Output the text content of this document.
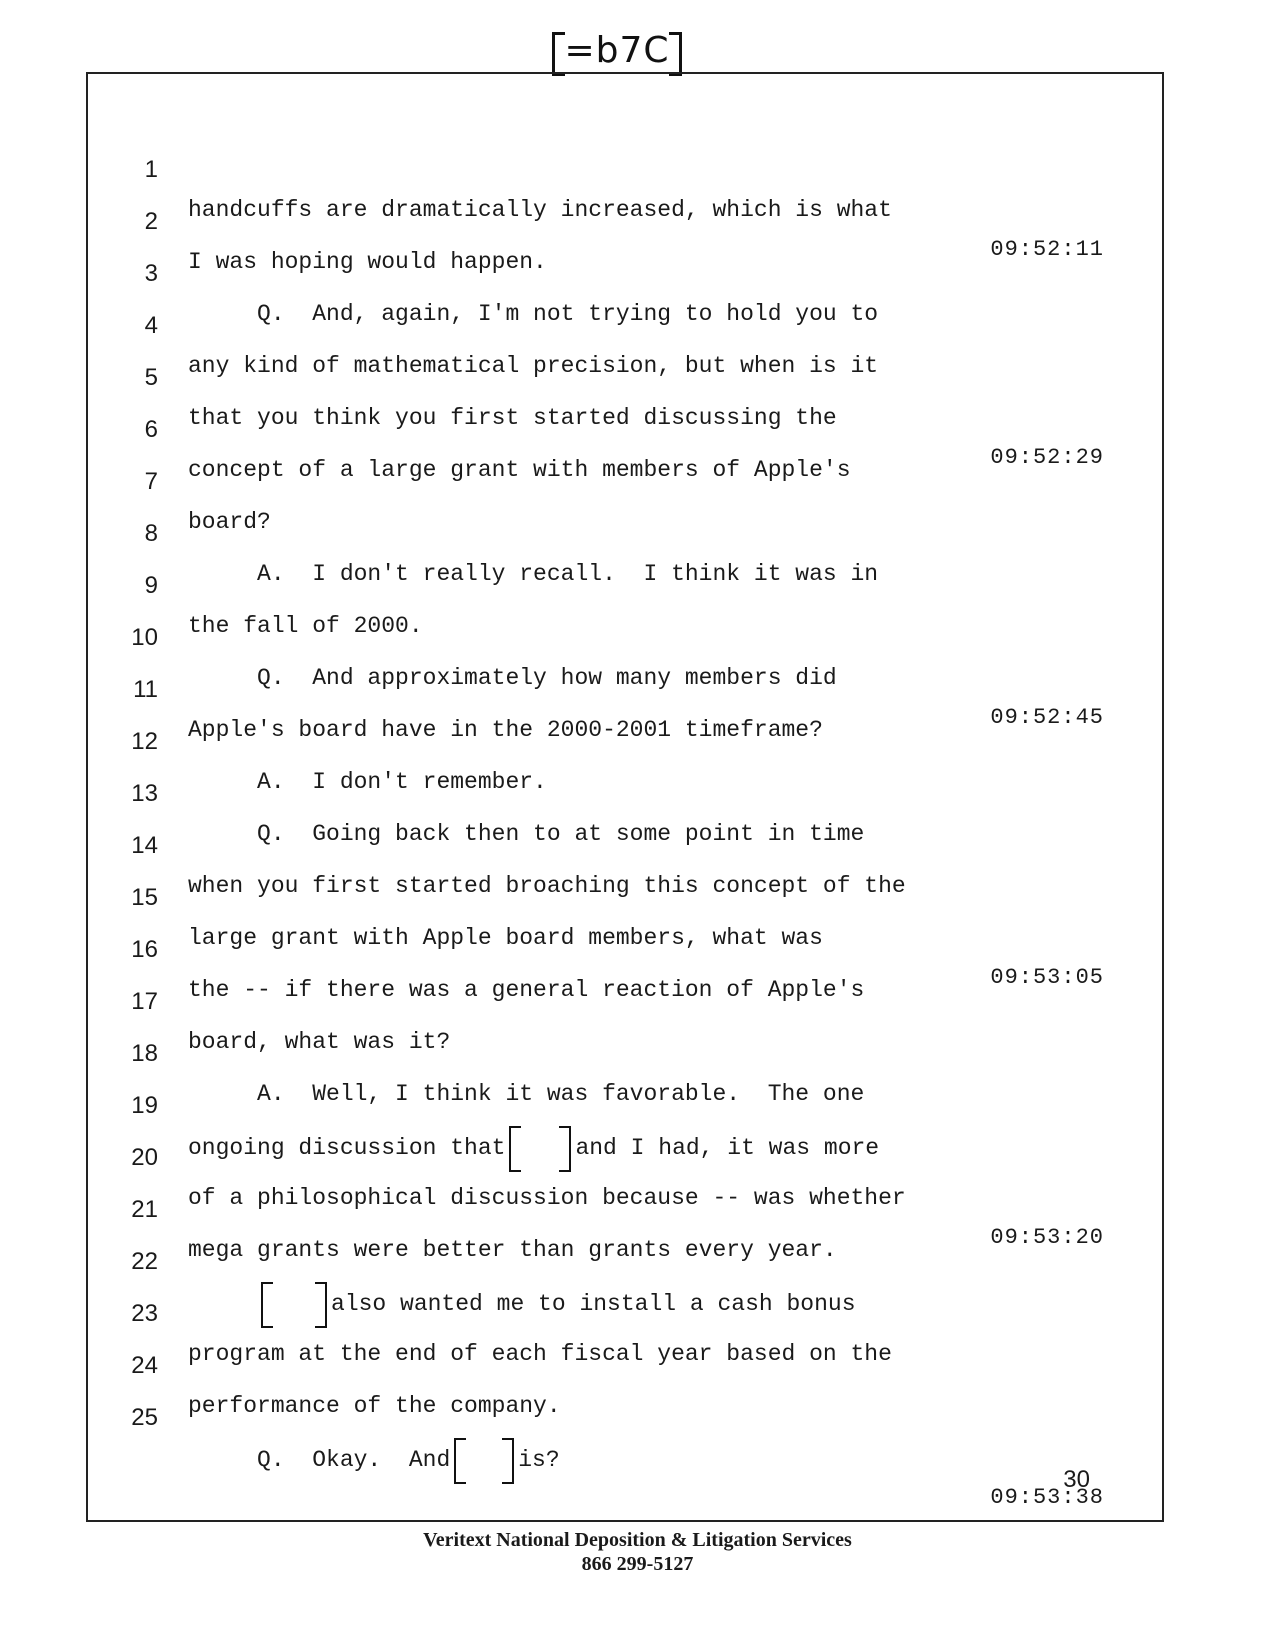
=b7C

1

handcuffs are dramatically increased, which is what

09:52:11

2

I was hoping would happen.

3

Q.  And, again, I'm not trying to hold you to

4

any kind of mathematical precision, but when is it

5

that you think you first started discussing the

09:52:29

6

concept of a large grant with members of Apple's

7

board?

8

A.  I don't really recall.  I think it was in

9

the fall of 2000.

10

Q.  And approximately how many members did

09:52:45

11

Apple's board have in the 2000-2001 timeframe?

12

A.  I don't remember.

13

Q.  Going back then to at some point in time

14

when you first started broaching this concept of the

15

large grant with Apple board members, what was

09:53:05

16

the -- if there was a general reaction of Apple's

17

board, what was it?

18

A.  Well, I think it was favorable.  The one

19

ongoing discussion that	and I had, it was more

20

of a philosophical discussion because -- was whether

09:53:20

21

mega grants were better than grants every year.

22

also wanted me to install a cash bonus

23

program at the end of each fiscal year based on the

24

performance of the company.

25

Q.  Okay.  And	is?

09:53:38

30
Veritext National Deposition & Litigation Services
866 299-5127
